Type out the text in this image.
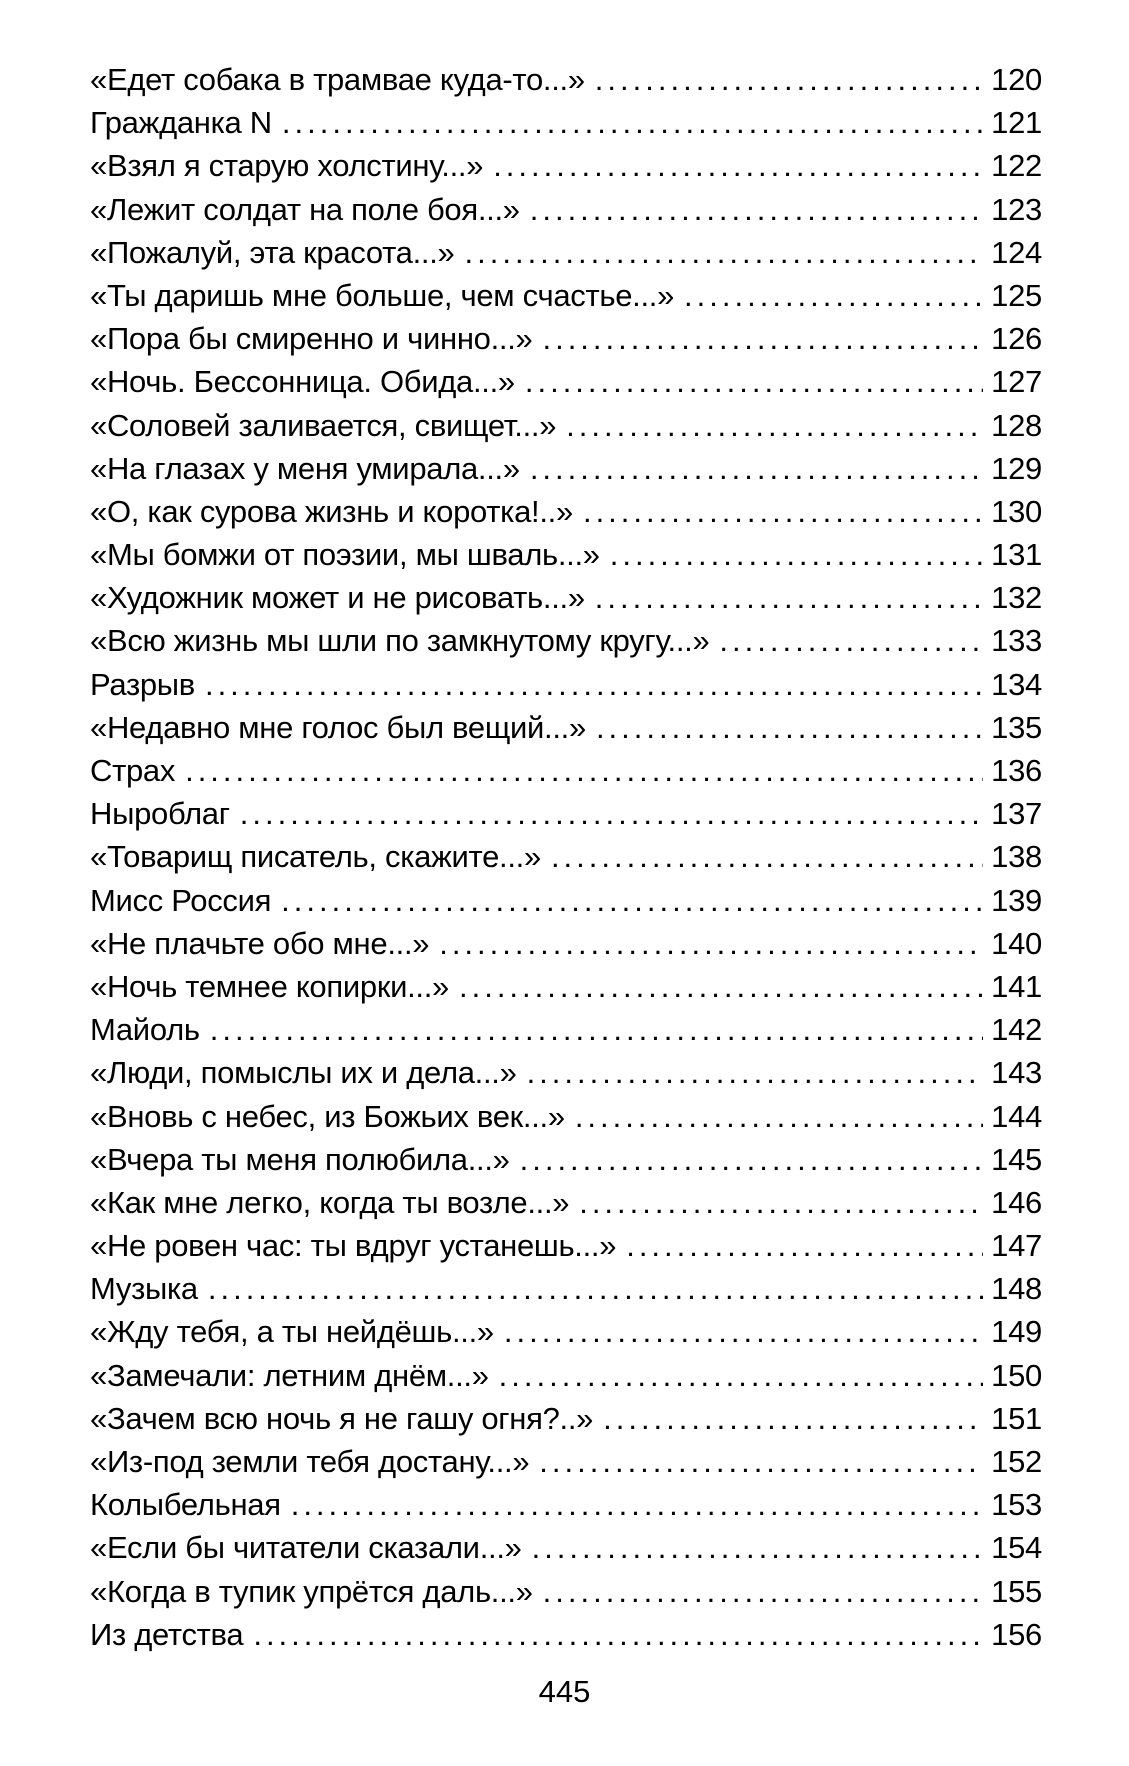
«Едет собака в трамвае куда-то...» .....	120
Гражданка N .....	121
«Взял я старую холстину...» .....	122
«Лежит солдат на поле боя...» .....	123
«Пожалуй, эта красота...» .....	124
«Ты даришь мне больше, чем счастье...» .....	125
«Пора бы смиренно и чинно...» .....	126
«Ночь. Бессонница. Обида...» .....	127
«Соловей заливается, свищет...» .....	128
«На глазах у меня умирала...» .....	129
«О, как сурова жизнь и коротка!..» .....	130
«Мы бомжи от поэзии, мы шваль...» .....	131
«Художник может и не рисовать...» .....	132
«Всю жизнь мы шли по замкнутому кругу...» .....	133
Разрыв .....	134
«Недавно мне голос был вещий...» .....	135
Страх .....	136
Ныроблаг .....	137
«Товарищ писатель, скажите...» .....	138
Мисс Россия .....	139
«Не плачьте обо мне...» .....	140
«Ночь темнее копирки...» .....	141
Майоль .....	142
«Люди, помыслы их и дела...» .....	143
«Вновь с небес, из Божьих век...» .....	144
«Вчера ты меня полюбила...» .....	145
«Как мне легко, когда ты возле...» .....	146
«Не ровен час: ты вдруг устанешь...» .....	147
Музыка .....	148
«Жду тебя, а ты нейдёшь...» .....	149
«Замечали: летним днём...» .....	150
«Зачем всю ночь я не гашу огня?..» .....	151
«Из-под земли тебя достану...» .....	152
Колыбельная .....	153
«Если бы читатели сказали...» .....	154
«Когда в тупик упрётся даль...» .....	155
Из детства .....	156
445
